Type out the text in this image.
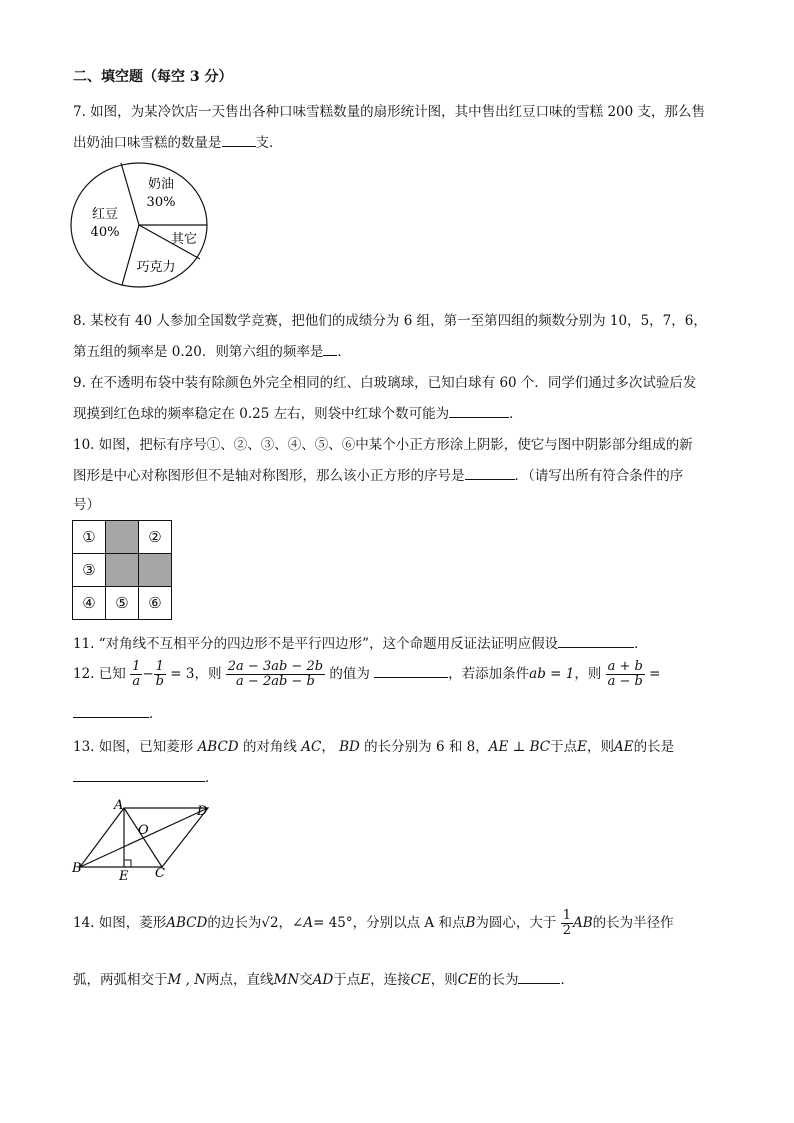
二、填空题（每空 3 分）
7. 如图，为某冷饮店一天售出各种口味雪糕数量的扇形统计图，其中售出红豆口味的雪糕 200 支，那么售
出奶油口味雪糕的数量是	支．
奶油
30%
红豆
40%	其它
巧克力
8. 某校有 40 人参加全国数学竞赛，把他们的成绩分为 6 组，第一至第四组的频数分别为 10，5，7，6，
第五组的频率是 0.20．则第六组的频率是 ．
9. 在不透明布袋中装有除颜色外完全相同的红、白玻璃球，已知白球有 60 个．同学们通过多次试验后发
现摸到红色球的频率稳定在 0.25 左右，则袋中红球个数可能为	．
10. 如图，把标有序号①、②、③、④、⑤、⑥中某个小正方形涂上阴影，使它与图中阴影部分组成的新
图形是中心对称图形但不是轴对称图形，那么该小正方形的序号是	．（请写出所有符合条件的序
号）
①		②
③		
④	⑤	⑥
11. “对角线不互相平分的四边形不是平行四边形”，这个命题用反证法证明应假设	．
12. 已知 $\frac{1}{a} - \frac{1}{b} = 3$，则 $\frac{2a - 3ab - 2b}{a - 2ab - b}$ 的值为	，若添加条件ab = 1，则 $\frac{a + b}{a - b}$ =
．
13. 如图，已知菱形 ABCD 的对角线 AC， BD 的长分别为 6 和 8，AE ⊥ BC于点E，则AE的长是
．
A	D
B	C
E
O
14. 如图，菱形ABCD的边长为√2，∠A= 45°，分别以点 A 和点B为圆心，大于 $\frac{1}{2}$ AB的长为半径作
弧，两弧相交于M , N两点，直线MN交AD于点E，连接CE，则CE的长为	．
